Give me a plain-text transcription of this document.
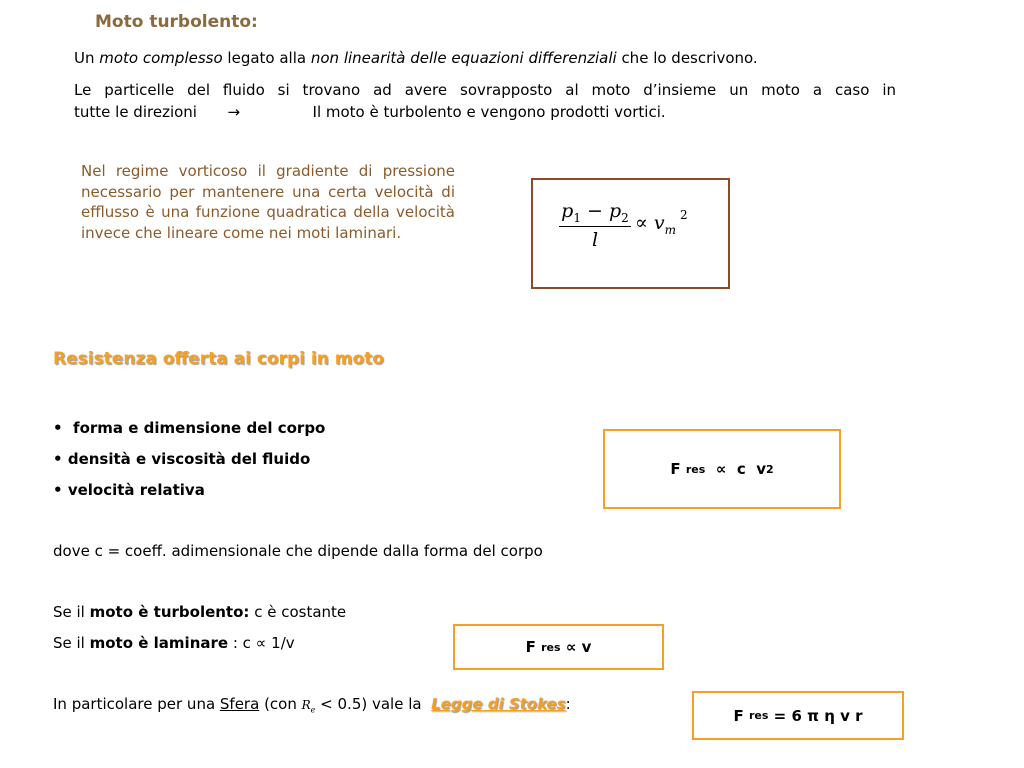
Moto turbolento:
Un moto complesso legato alla non linearità delle equazioni differenziali che lo descrivono.
Le particelle del fluido si trovano ad avere sovrapposto al moto d’insieme un moto a caso in
tutte le direzioni →	Il moto è turbolento e vengono prodotti vortici.
Nel regime vorticoso il gradiente di pressione necessario per mantenere una certa velocità di efflusso è una funzione quadratica della velocità invece che lineare come nei moti laminari.
$p_1 - p_2$
l
∝ $v_m$
2
Resistenza offerta ai corpi in moto
• forma e dimensione del corpo
• densità e viscosità del fluido
• velocità relativa
F
res
∝  c  v 2
dove c = coeff. adimensionale che dipende dalla forma del corpo
Se il moto è turbolento: c è costante
Se il moto è laminare : c ∝ 1/v	F
res
∝ v
In particolare per una Sfera (con $R_e < 0.5$) vale la  Legge di Stokes:
F
res
= 6 π η v r
